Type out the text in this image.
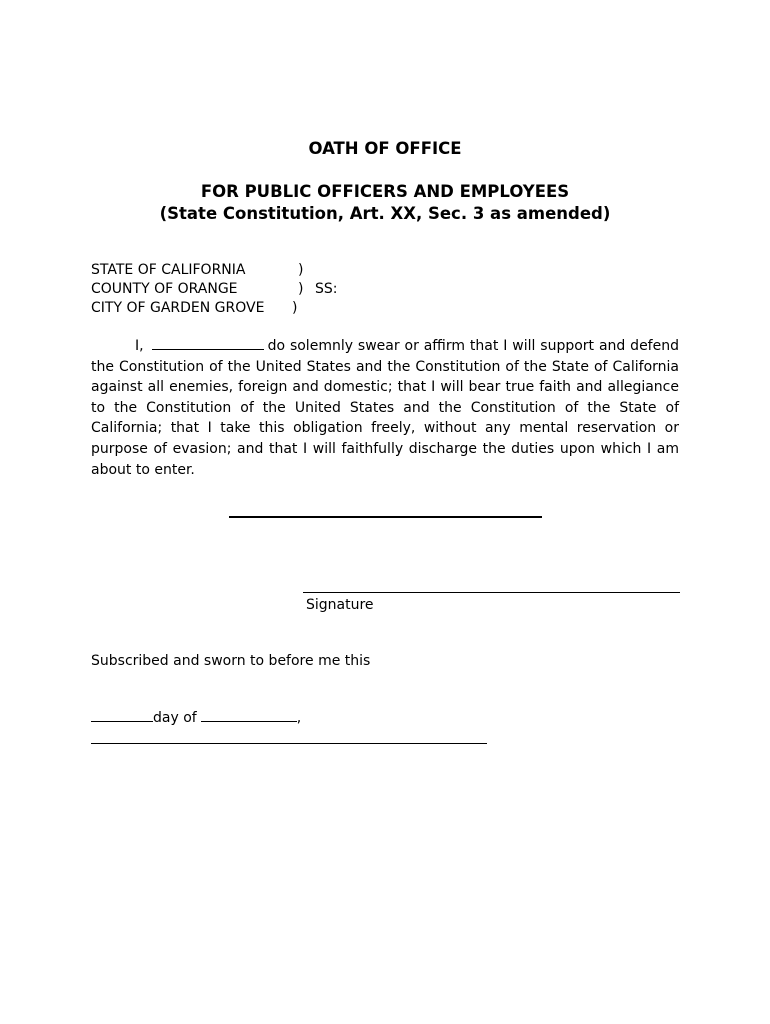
OATH OF OFFICE
FOR PUBLIC OFFICERS AND EMPLOYEES
(State Constitution, Art. XX, Sec. 3 as amended)
STATE OF CALIFORNIA
COUNTY OF ORANGE
CITY OF GARDEN GROVE
)
)
)
SS:

I,	do solemnly swear or affirm that I will support and defend the Constitution of the United States and the Constitution of the State of California against all enemies, foreign and domestic; that I will bear true faith and allegiance to the Constitution of the United States and the Constitution of the State of California; that I take this obligation freely, without any mental reservation or purpose of evasion; and that I will faithfully discharge the duties upon which I am about to enter.

Signature
Subscribed and sworn to before me this
day of	,
